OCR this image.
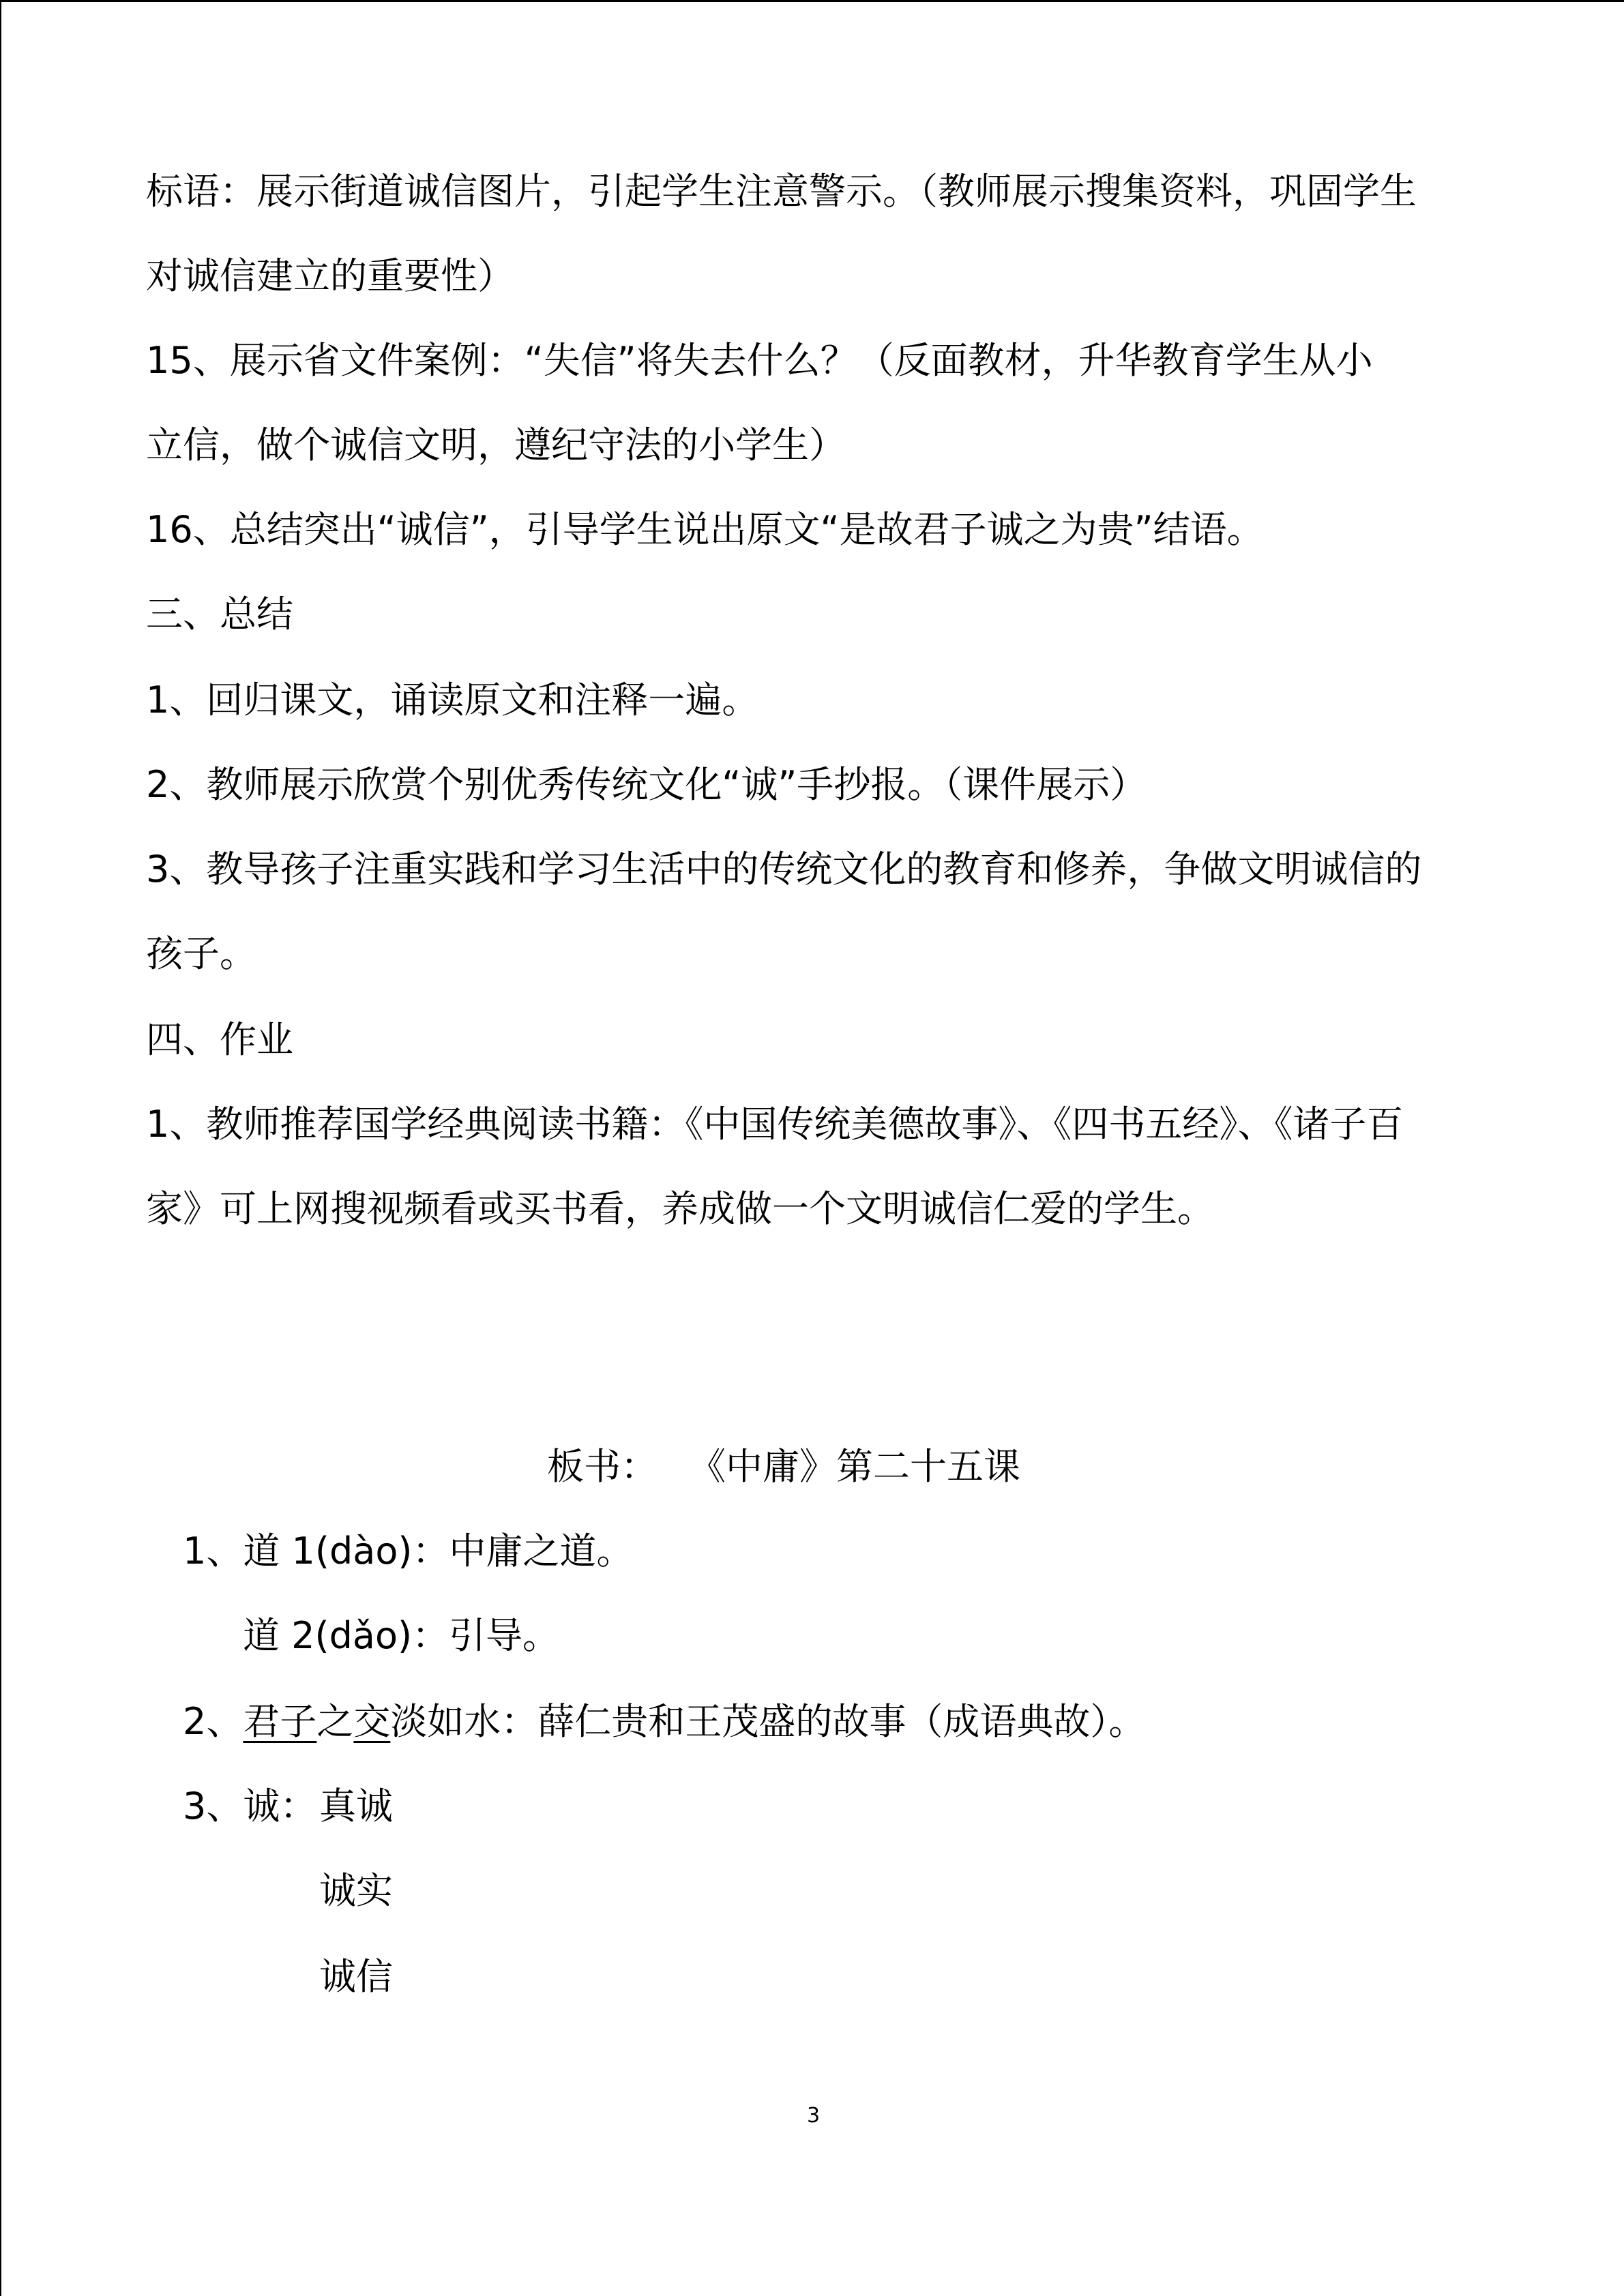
标语：展示街道诚信图片，引起学生注意警示。（教师展示搜集资料，巩固学生
对诚信建立的重要性）
15、展示省文件案例：“失信”将失去什么？（反面教材，升华教育学生从小
立信，做个诚信文明，遵纪守法的小学生）
16、总结突出“诚信”，引导学生说出原文“是故君子诚之为贵”结语。
三、总结
1、回归课文，诵读原文和注释一遍。
2、教师展示欣赏个别优秀传统文化“诚”手抄报。（课件展示）
3、教导孩子注重实践和学习生活中的传统文化的教育和修养，争做文明诚信的
孩子。
四、作业
1、教师推荐国学经典阅读书籍：《中国传统美德故事》、《四书五经》、《诸子百
家》可上网搜视频看或买书看，养成做一个文明诚信仁爱的学生。
板书： 《中庸》第二十五课
1、道 1(dào)：中庸之道。
道 2(dǎo)：引导。
2、君子之交淡如水：薛仁贵和王茂盛的故事（成语典故）。
3、诚：
诚实
诚信
真诚
3
